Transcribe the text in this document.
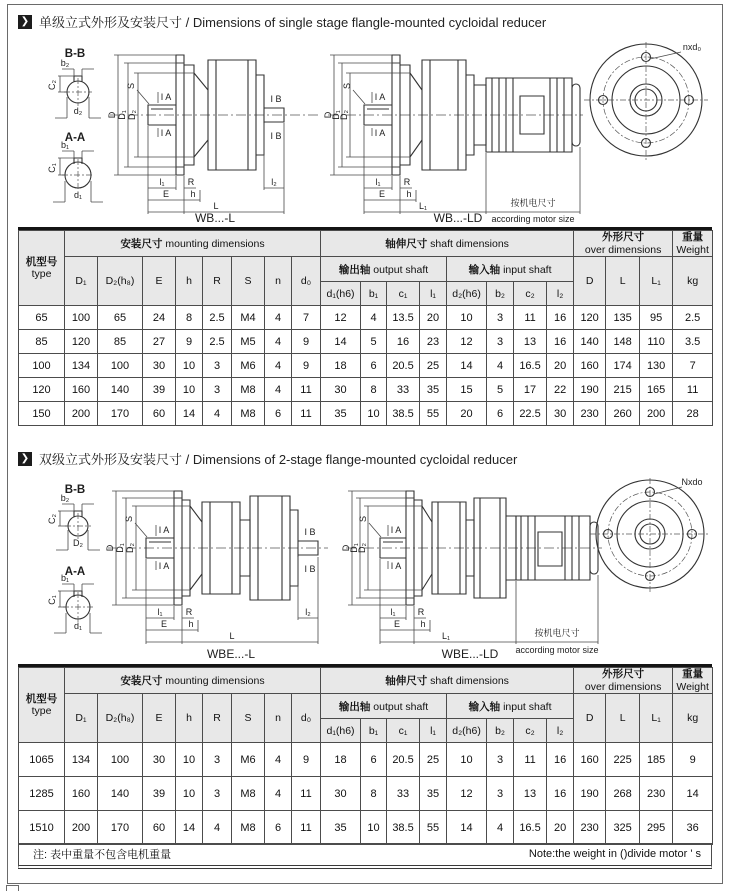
❯ 单级立式外形及安装尺寸 / Dimensions of single stage flangle-mounted cycloidal reducer
B-B
b₂
C₂
d₂
A-A
b₁
C₁
d₁
D D₁ D₂
S
I A
I A
I B
I B
l₁	R	l₂
E h
L
WB...-L
D
D₁
D₂
S
I A
I A
l₁	R
E h
L₁	按机电尺寸
according motor size
WB...-LD
nxd₀
机型号
type	安装尺寸 mounting dimensions								轴伸尺寸 shaft dimensions								外形尺寸
over dimensions			重量
Weight

	D₁	D₂(h₈)	E	h	R	S	n	d₀	输出轴 output shaft				输入轴 input shaft				D	L	L₁	kg
									d₁(h6)	b₁	c₁	l₁	d₂(h6)	b₂	c₂	l₂				
65	100	65	24	8	2.5	M4	4	7	12	4	13.5	20	10	3	11	16	120	135	95	2.5
85	120	85	27	9	2.5	M5	4	9	14	5	16	23	12	3	13	16	140	148	110	3.5
100	134	100	30	10	3	M6	4	9	18	6	20.5	25	14	4	16.5	20	160	174	130	7
120	160	140	39	10	3	M8	4	11	30	8	33	35	15	5	17	22	190	215	165	11
150	200	170	60	14	4	M8	6	11	35	10	38.5	55	20	6	22.5	30	230	260	200	28
❯ 双级立式外形及安装尺寸 / Dimensions of 2-stage flange-mounted cycloidal reducer
B-B
b₂
C₂
D₂
A-A
b₁
C₁
d₁
D D₁ D₂
S
I A
I A
I B
I B
l₁	R	l₂
E h
L
WBE...-L
D
D₁
D₂
S
I A
I A
l₁ R
E h
L₁	按机电尺寸
according motor size
WBE...-LD
Nxdo
机型号
type	安装尺寸 mounting dimensions								轴伸尺寸 shaft dimensions								外形尺寸
over dimensions			重量
Weight

	D₁	D₂(h₈)	E	h	R	S	n	d₀	输出轴 output shaft				输入轴 input shaft				D	L	L₁	kg
									d₁(h6)	b₁	c₁	l₁	d₂(h6)	b₂	c₂	l₂				
1065	134	100	30	10	3	M6	4	9	18	6	20.5	25	10	3	11	16	160	225	185	9
1285	160	140	39	10	3	M8	4	11	30	8	33	35	12	3	13	16	190	268	230	14
1510	200	170	60	14	4	M8	6	11	35	10	38.5	55	14	4	16.5	20	230	325	295	36
注: 表中重量不包含电机重量	Note:the weight in ()divide motor ' s
